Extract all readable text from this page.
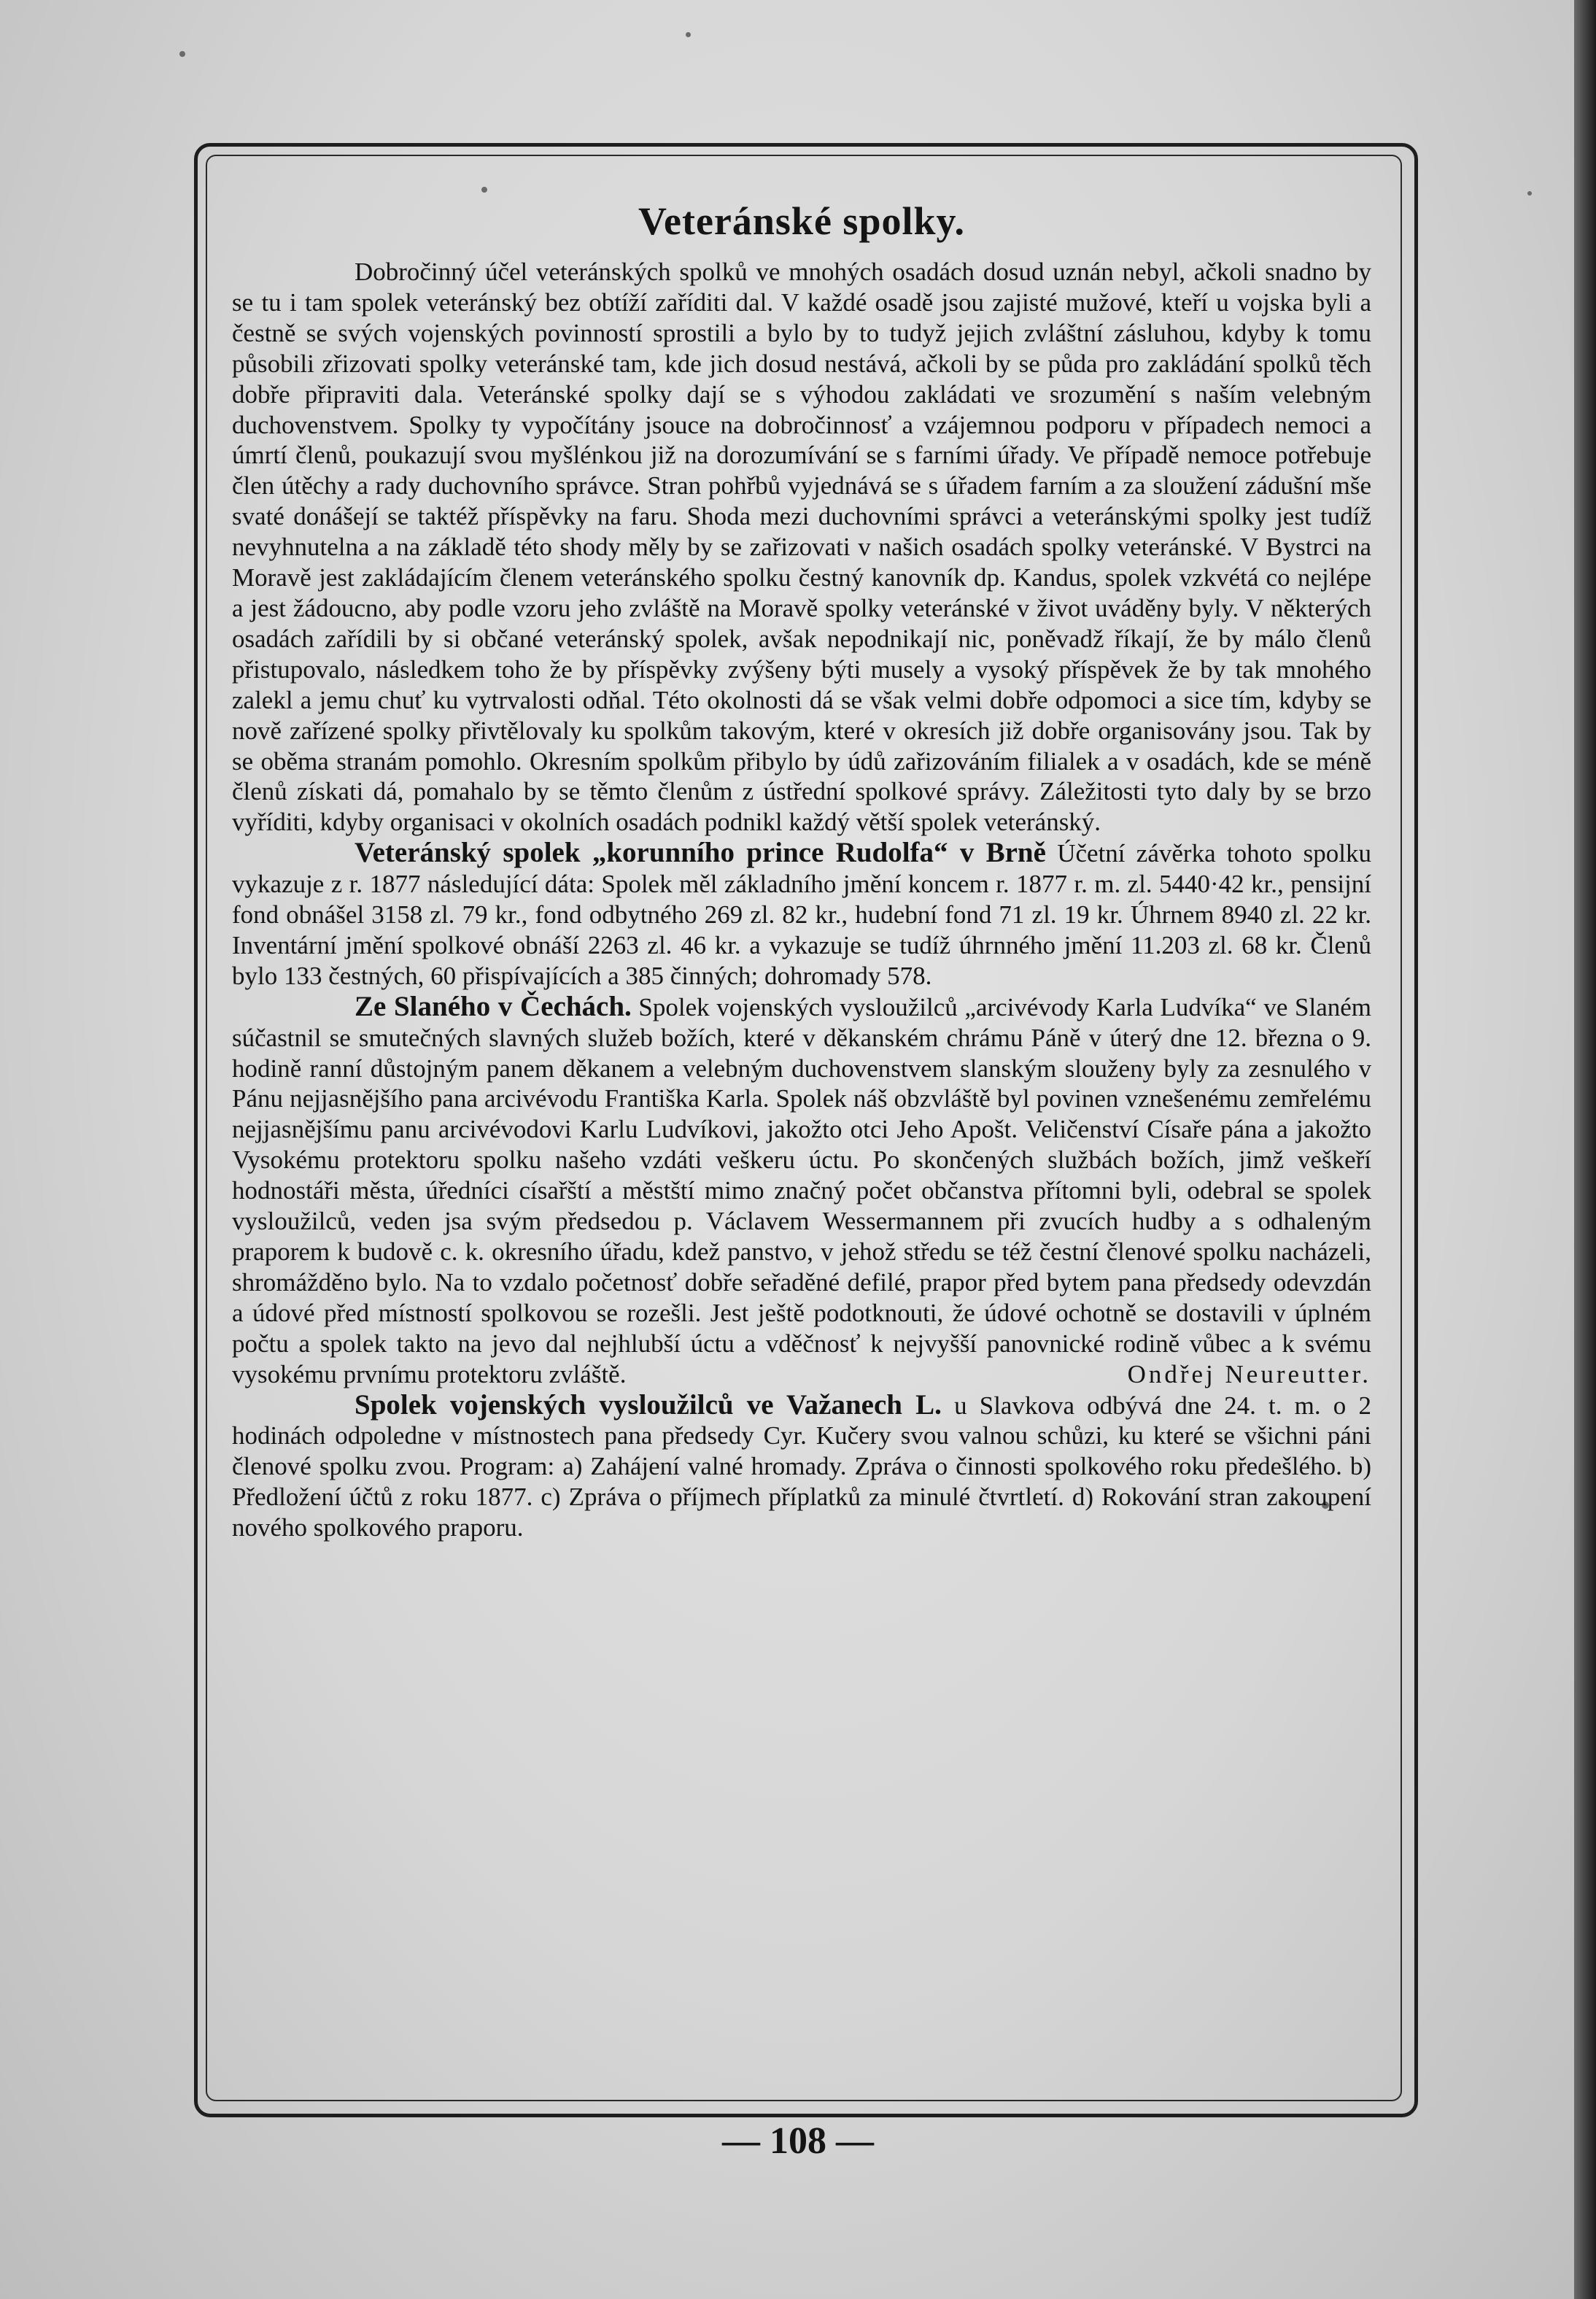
Veteránské spolky.

Dobročinný účel veteránských spolků ve mnohých osadách dosud uznán nebyl, ačkoli snadno by se tu i tam spolek veteránský bez obtíží zaříditi dal. V každé osadě jsou zajisté mužové, kteří u vojska byli a čestně se svých vojenských povinností sprostili a bylo by to tudyž jejich zvláštní zásluhou, kdyby k tomu působili zřizovati spolky veteránské tam, kde jich dosud nestává, ačkoli by se půda pro zakládání spolků těch dobře připraviti dala. Veteránské spolky dají se s výhodou zakládati ve srozumění s naším velebným duchovenstvem. Spolky ty vypočítány jsouce na dobročinnosť a vzájemnou podporu v případech nemoci a úmrtí členů, poukazují svou myšlénkou již na dorozumívání se s farními úřady. Ve případě nemoce potřebuje člen útěchy a rady duchovního správce. Stran pohřbů vyjednává se s úřadem farním a za sloužení zádušní mše svaté donášejí se taktéž příspěvky na faru. Shoda mezi duchovními správci a veteránskými spolky jest tudíž nevyhnutelna a na základě této shody měly by se zařizovati v našich osadách spolky veteránské. V Bystrci na Moravě jest zakládajícím členem veteránského spolku čestný kanovník dp. Kandus, spolek vzkvétá co nejlépe a jest žádoucno, aby podle vzoru jeho zvláště na Moravě spolky veteránské v život uváděny byly. V některých osadách zařídili by si občané veteránský spolek, avšak nepodnikají nic, poněvadž říkají, že by málo členů přistupovalo, následkem toho že by příspěvky zvýšeny býti musely a vysoký příspěvek že by tak mnohého zalekl a jemu chuť ku vytrvalosti odňal. Této okolnosti dá se však velmi dobře odpomoci a sice tím, kdyby se nově zařízené spolky přivtělovaly ku spolkům takovým, které v okresích již dobře organisovány jsou. Tak by se oběma stranám pomohlo. Okresním spolkům přibylo by údů zařizováním filialek a v osadách, kde se méně členů získati dá, pomahalo by se těmto členům z ústřední spolkové správy. Záležitosti tyto daly by se brzo vyříditi, kdyby organisaci v okolních osadách podnikl každý větší spolek veteránský.

Veteránský spolek „korunního prince Rudolfa“ v Brně Účetní závěrka tohoto spolku vykazuje z r. 1877 následující dáta: Spolek měl základního jmění koncem r. 1877 r. m. zl. 5440·42 kr., pensijní fond obnášel 3158 zl. 79 kr., fond odbytného 269 zl. 82 kr., hudební fond 71 zl. 19 kr. Úhrnem 8940 zl. 22 kr. Inventární jmění spolkové obnáší 2263 zl. 46 kr. a vykazuje se tudíž úhrnného jmění 11.203 zl. 68 kr. Členů bylo 133 čestných, 60 přispívajících a 385 činných; dohromady 578.

Ze Slaného v Čechách. Spolek vojenských vysloužilců „arcivévody Karla Ludvíka“ ve Slaném súčastnil se smutečných slavných služeb božích, které v děkanském chrámu Páně v úterý dne 12. března o 9. hodině ranní důstojným panem děkanem a velebným duchovenstvem slanským slouženy byly za zesnulého v Pánu nejjasnějšího pana arcivévodu Františka Karla. Spolek náš obzvláště byl povinen vznešenému zemřelému nejjasnějšímu panu arcivévodovi Karlu Ludvíkovi, jakožto otci Jeho Apošt. Veličenství Císaře pána a jakožto Vysokému protektoru spolku našeho vzdáti veškeru úctu. Po skončených službách božích, jimž veškeří hodnostáři města, úředníci císařští a městští mimo značný počet občanstva přítomni byli, odebral se spolek vysloužilců, veden jsa svým předsedou p. Václavem Wessermannem při zvucích hudby a s odhaleným praporem k budově c. k. okresního úřadu, kdež panstvo, v jehož středu se též čestní členové spolku nacházeli, shromážděno bylo. Na to vzdalo početnosť dobře seřaděné defilé, prapor před bytem pana předsedy odevzdán a údové před místností spolkovou se rozešli. Jest ještě podotknouti, že údové ochotně se dostavili v úplném počtu a spolek takto na jevo dal nejhlubší úctu a vděčnosť k nejvyšší panovnické rodině vůbec a k svému vysokému prvnímu protektoru zvláště.	Ondřej Neureutter.

Spolek vojenských vysloužilců ve Važanech L. u Slavkova odbývá dne 24. t. m. o 2 hodinách odpoledne v místnostech pana předsedy Cyr. Kučery svou valnou schůzi, ku které se všichni páni členové spolku zvou. Program: a) Zahájení valné hromady. Zpráva o činnosti spolkového roku předešlého. b) Předložení účtů z roku 1877. c) Zpráva o příjmech příplatků za minulé čtvrtletí. d) Rokování stran zakoupení nového spolkového praporu.

— 108 —
